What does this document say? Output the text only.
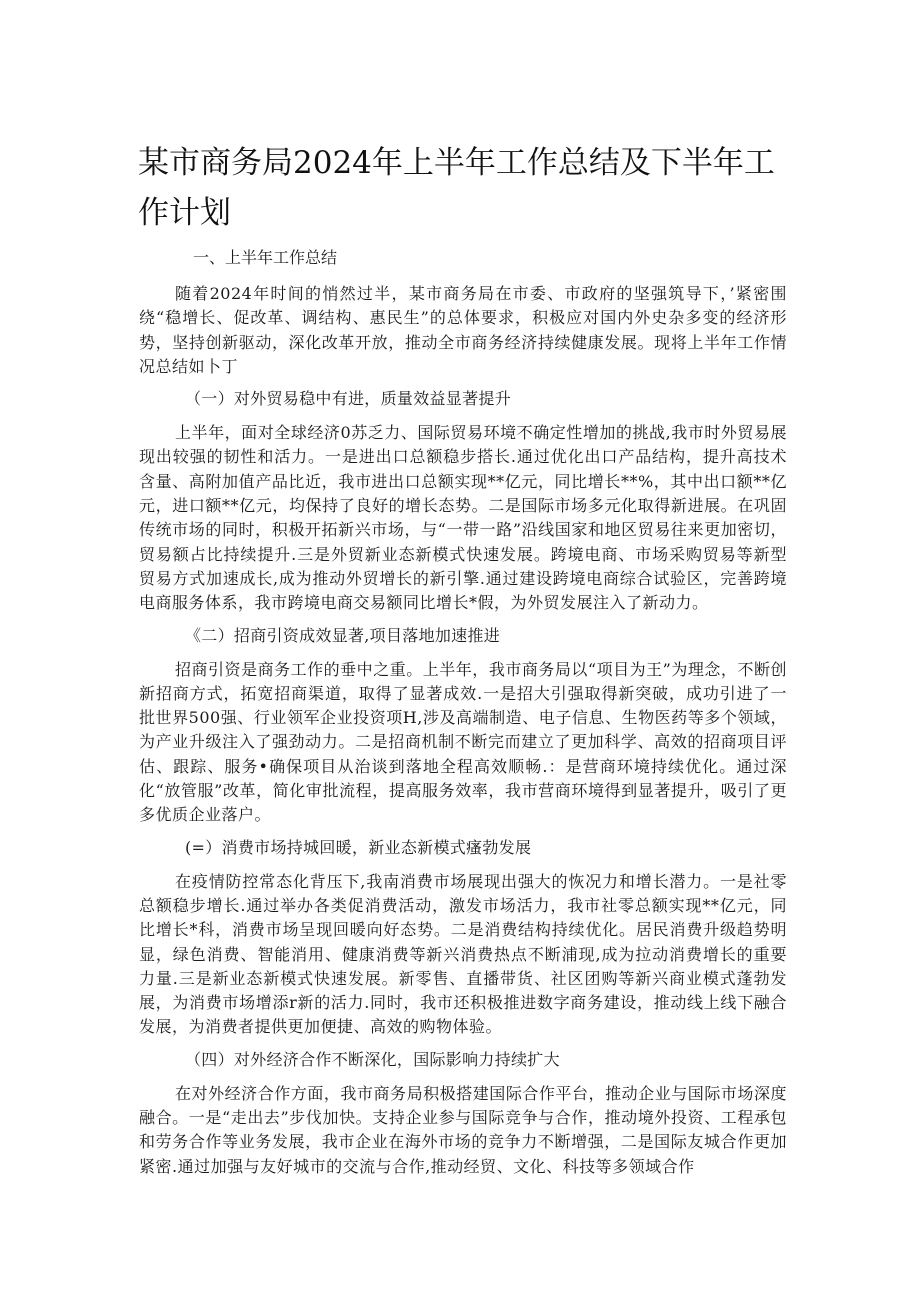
某市商务局2024年上半年工作总结及下半年工作计划

一、上半年工作总结

随着2024年时间的悄然过半，某市商务局在市委、市政府的坚强筑导下，’紧密围绕“稳增长、促改革、调结构、惠民生”的总体要求，积极应对国内外史杂多变的经济形势，坚持创新驱动，深化改革开放，推动全市商务经济持续健康发展。现将上半年工作情况总结如卜丁

（一）对外贸易稳中有进，质量效益显著提升

上半年，面对全球经济0苏乏力、国际贸易环境不确定性增加的挑战,我市时外贸易展现出较强的韧性和活力。一是进出口总额稳步搭长.通过优化出口产品结构，提升高技术含量、高附加值产品比近，我市进出口总额实现**亿元，同比增长**%，其中出口额**亿元，进口额**亿元，均保持了良好的增长态势。二是国际市场多元化取得新进展。在巩固传统市场的同时，积极开拓新兴市场，与“一带一路”沿线国家和地区贸易往来更加密切，贸易额占比持续提升.三是外贸新业态新模式快速发展。跨境电商、市场采购贸易等新型贸易方式加速成长,成为推动外贸增长的新引擎.通过建设跨境电商综合试验区，完善跨境电商服务体系，我市跨境电商交易额同比增长*假，为外贸发展注入了新动力。

《二）招商引资成效显著,项目落地加速推进

招商引资是商务工作的垂中之重。上半年，我市商务局以“项目为王”为理念，不断创新招商方式，拓宽招商渠道，取得了显著成效.一是招大引强取得新突破，成功引进了一批世界500强、行业领军企业投资项H,涉及高端制造、电子信息、生物医药等多个领域，为产业升级注入了强劲动力。二是招商机制不断完而建立了更加科学、高效的招商项目评估、跟踪、服务•确保项目从治谈到落地全程高效顺畅.：是营商环境持续优化。通过深化“放管服”改革，简化审批流程，提高服务效率，我市营商环境得到显著提升，吸引了更多优质企业落户。

(=）消费市场持城回暖，新业态新模式瘙勃发展

在疫情防控常态化背压下,我南消费市场展现出强大的恢况力和增长潜力。一是社零总额稳步增长.通过举办各类促消费活动，激发市场活力，我市社零总额实现**亿元，同比增长*科，消费市场呈现回暖向好态势。二是消费结构持续优化。居民消费升级趋势明显，绿色消费、智能消用、健康消费等新兴消费热点不断浦现,成为拉动消费增长的重要力量.三是新业态新模式快速发展。新零售、直播带货、社区团购等新兴商业模式蓬勃发展，为消费市场增添r新的活力.同时，我市还积极推进数字商务建设，推动线上线下融合发展，为消费者提供更加便捷、高效的购物体验。

（四）对外经济合作不断深化，国际影响力持续扩大

在对外经济合作方面，我市商务局积极搭建国际合作平台，推动企业与国际市场深度融合。一是“走出去”步伐加快。支持企业参与国际竞争与合作，推动境外投资、工程承包和劳务合作等业务发展，我市企业在海外市场的竞争力不断增强，二是国际友城合作更加紧密.通过加强与友好城市的交流与合作,推动经贸、文化、科技等多领域合作
